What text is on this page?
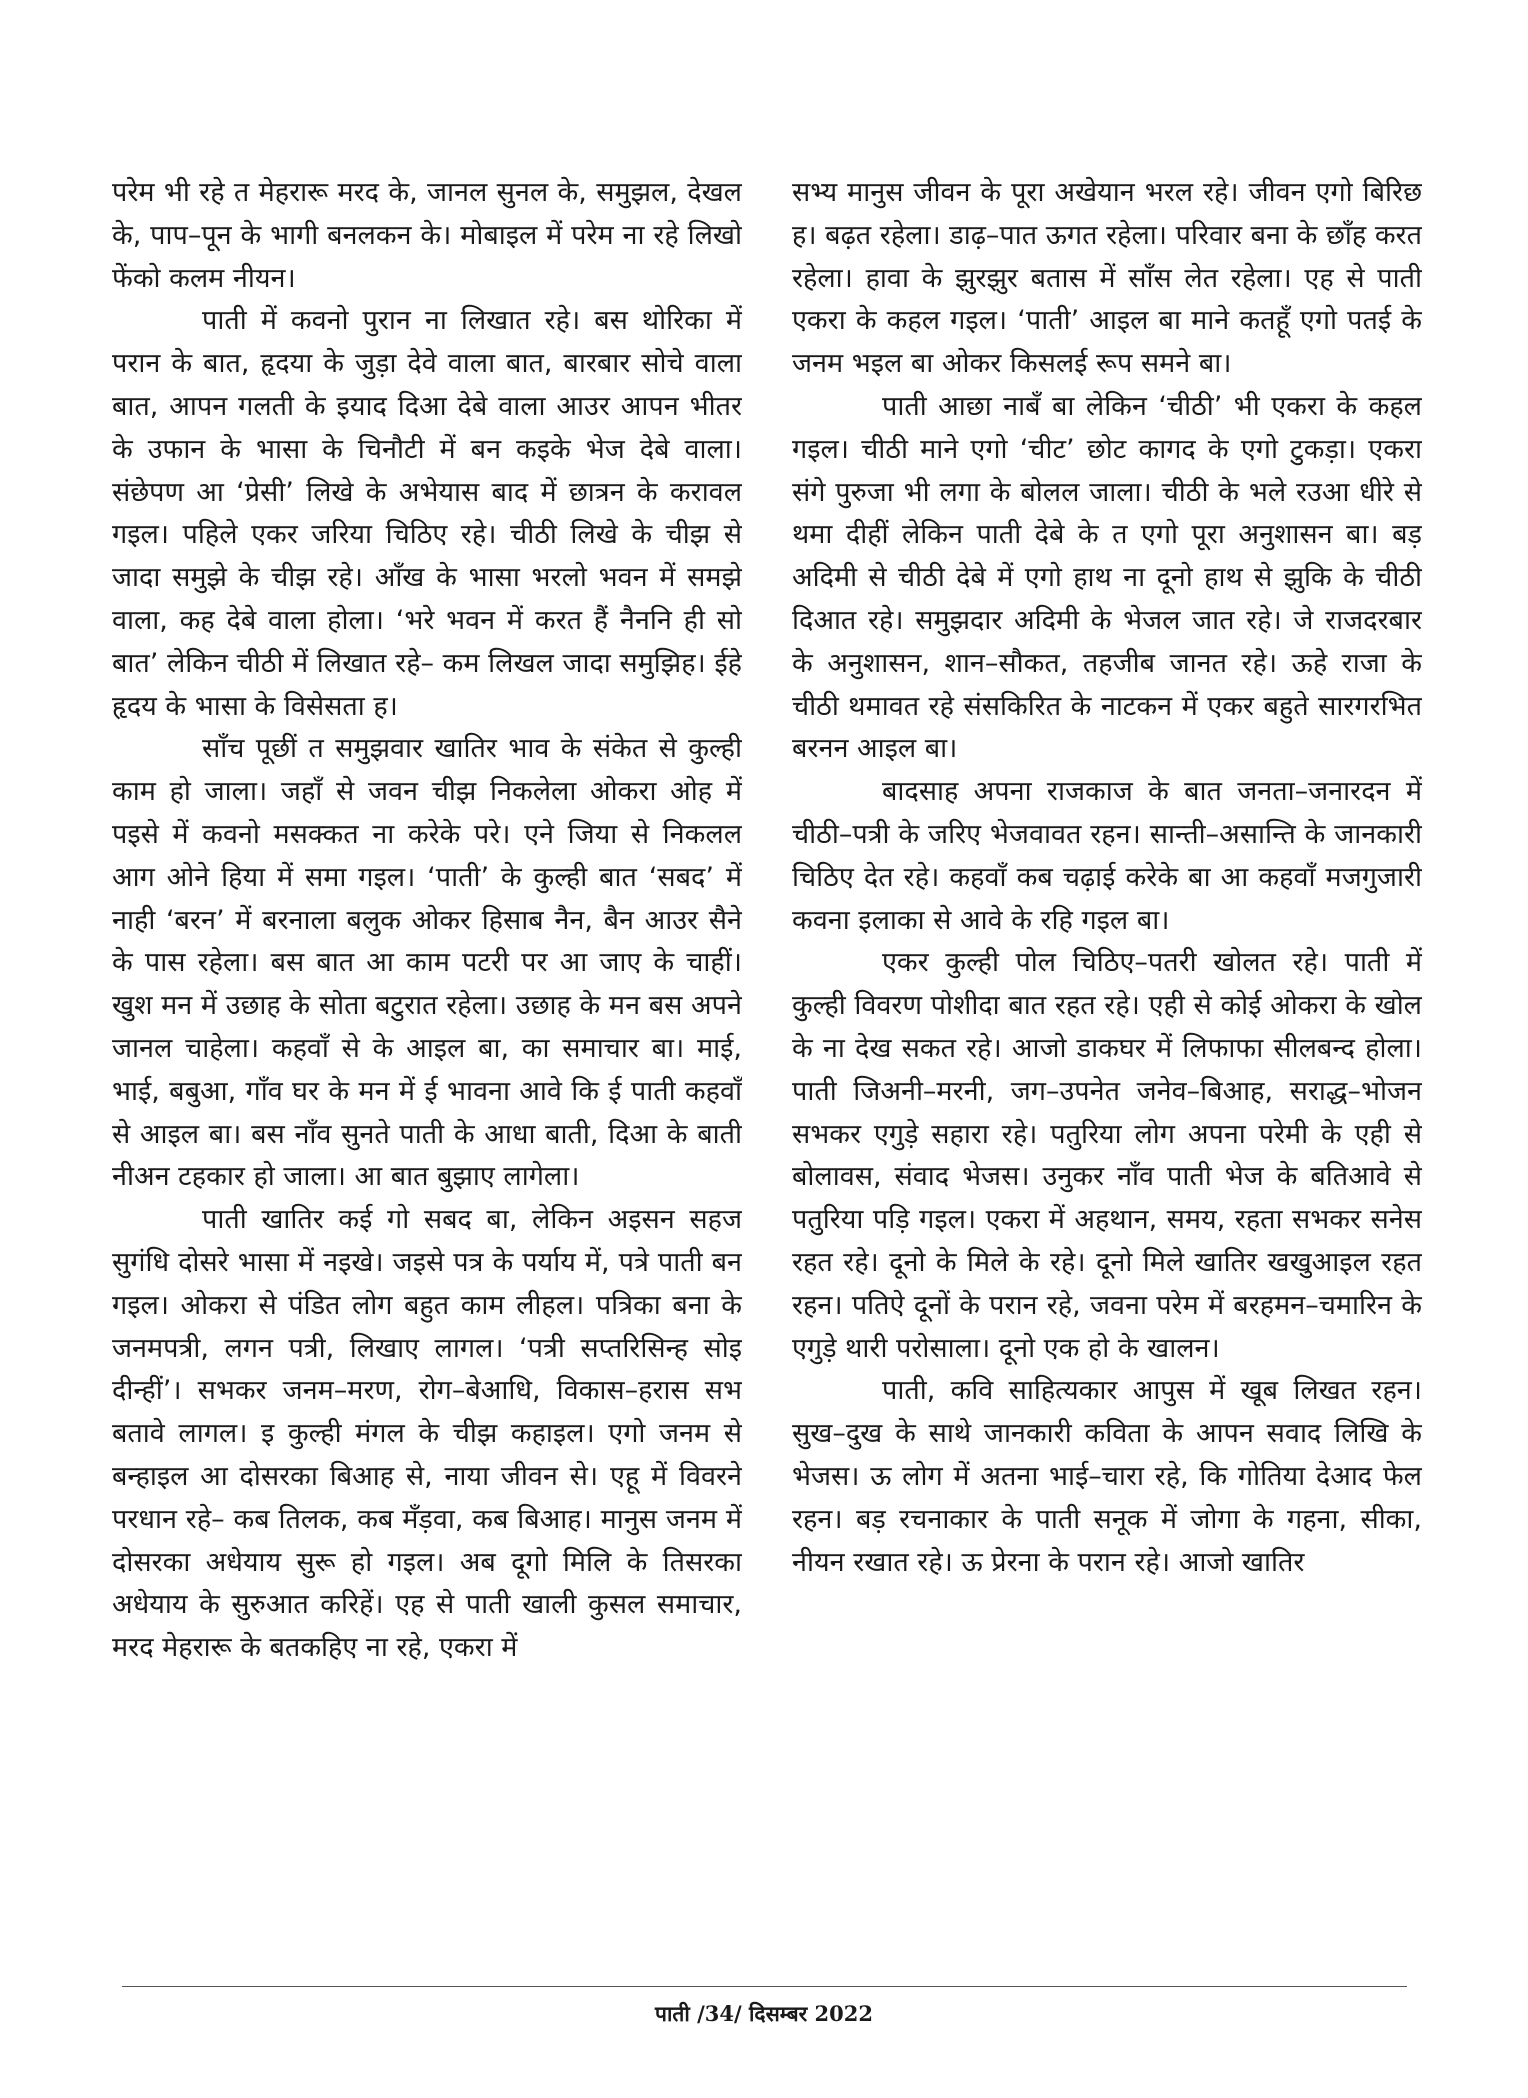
परेम भी रहे त मेहरारू मरद के, जानल सुनल के, समुझल, देखल के, पाप–पून के भागी बनलकन के। मोबाइल में परेम ना रहे लिखो फेंको कलम नीयन।

पाती में कवनो पुरान ना लिखात रहे। बस थोरिका में परान के बात, हृदया के जुड़ा देवे वाला बात, बारबार सोचे वाला बात, आपन गलती के इयाद दिआ देबे वाला आउर आपन भीतर के उफान के भासा के चिनौटी में बन कइके भेज देबे वाला। संछेपण आ ‘प्रेसी’ लिखे के अभेयास बाद में छात्रन के करावल गइल। पहिले एकर जरिया चिठिए रहे। चीठी लिखे के चीझ से जादा समुझे के चीझ रहे। आँख के भासा भरलो भवन में समझे वाला, कह देबे वाला होला। ‘भरे भवन में करत हैं नैननि ही सो बात’ लेकिन चीठी में लिखात रहे– कम लिखल जादा समुझिह। ईहे हृदय के भासा के विसेसता ह।

साँच पूछीं त समुझवार खातिर भाव के संकेत से कुल्ही काम हो जाला। जहाँ से जवन चीझ निकलेला ओकरा ओह में पइसे में कवनो मसक्कत ना करेके परे। एने जिया से निकलल आग ओने हिया में समा गइल। ‘पाती’ के कुल्ही बात ‘सबद’ में नाही ‘बरन’ में बरनाला बलुक ओकर हिसाब नैन, बैन आउर सैने के पास रहेला। बस बात आ काम पटरी पर आ जाए के चाहीं। खुश मन में उछाह के सोता बटुरात रहेला। उछाह के मन बस अपने जानल चाहेला। कहवाँ से के आइल बा, का समाचार बा। माई, भाई, बबुआ, गाँव घर के मन में ई भावना आवे कि ई पाती कहवाँ से आइल बा। बस नाँव सुनते पाती के आधा बाती, दिआ के बाती नीअन टहकार हो जाला। आ बात बुझाए लागेला।

पाती खातिर कई गो सबद बा, लेकिन अइसन सहज सुगंधि दोसरे भासा में नइखे। जइसे पत्र के पर्याय में, पत्रे पाती बन गइल। ओकरा से पंडित लोग बहुत काम लीहल। पत्रिका बना के जनमपत्री, लगन पत्री, लिखाए लागल। ‘पत्री सप्तरिसिन्ह सोइ दीन्हीं’। सभकर जनम–मरण, रोग–बेआधि, विकास–हरास सभ बतावे लागल। इ कुल्ही मंगल के चीझ कहाइल। एगो जनम से बन्हाइल आ दोसरका बिआह से, नाया जीवन से। एहू में विवरने परधान रहे– कब तिलक, कब मँड़वा, कब बिआह। मानुस जनम में दोसरका अधेयाय सुरू हो गइल। अब दूगो मिलि के तिसरका अधेयाय के सुरुआत करिहें। एह से पाती खाली कुसल समाचार, मरद मेहरारू के बतकहिए ना रहे, एकरा में

सभ्य मानुस जीवन के पूरा अखेयान भरल रहे। जीवन एगो बिरिछ ह। बढ़त रहेला। डाढ़–पात ऊगत रहेला। परिवार बना के छाँह करत रहेला। हावा के झुरझुर बतास में साँस लेत रहेला। एह से पाती एकरा के कहल गइल। ‘पाती’ आइल बा माने कतहूँ एगो पतई के जनम भइल बा ओकर किसलई रूप समने बा।

पाती आछा नाबँ बा लेकिन ‘चीठी’ भी एकरा के कहल गइल। चीठी माने एगो ‘चीट’ छोट कागद के एगो टुकड़ा। एकरा संगे पुरुजा भी लगा के बोलल जाला। चीठी के भले रउआ धीरे से थमा दीहीं लेकिन पाती देबे के त एगो पूरा अनुशासन बा। बड़ अदिमी से चीठी देबे में एगो हाथ ना दूनो हाथ से झुकि के चीठी दिआत रहे। समुझदार अदिमी के भेजल जात रहे। जे राजदरबार के अनुशासन, शान–सौकत, तहजीब जानत रहे। ऊहे राजा के चीठी थमावत रहे संसकिरित के नाटकन में एकर बहुते सारगरभित बरनन आइल बा।

बादसाह अपना राजकाज के बात जनता–जनारदन में चीठी–पत्री के जरिए भेजवावत रहन। सान्ती–असान्ति के जानकारी चिठिए देत रहे। कहवाँ कब चढ़ाई करेके बा आ कहवाँ मजगुजारी कवना इलाका से आवे के रहि गइल बा।

एकर कुल्ही पोल चिठिए–पतरी खोलत रहे। पाती में कुल्ही विवरण पोशीदा बात रहत रहे। एही से कोई ओकरा के खोल के ना देख सकत रहे। आजो डाकघर में लिफाफा सीलबन्द होला। पाती जिअनी–मरनी, जग–उपनेत जनेव–बिआह, सराद्ध–भोजन सभकर एगुड़े सहारा रहे। पतुरिया लोग अपना परेमी के एही से बोलावस, संवाद भेजस। उनुकर नाँव पाती भेज के बतिआवे से पतुरिया पड़ि गइल। एकरा में अहथान, समय, रहता सभकर सनेस रहत रहे। दूनो के मिले के रहे। दूनो मिले खातिर खखुआइल रहत रहन। पतिऐ दूनों के परान रहे, जवना परेम में बरहमन–चमारिन के एगुड़े थारी परोसाला। दूनो एक हो के खालन।

पाती, कवि साहित्यकार आपुस में खूब लिखत रहन। सुख–दुख के साथे जानकारी कविता के आपन सवाद लिखि के भेजस। ऊ लोग में अतना भाई–चारा रहे, कि गोतिया देआद फेल रहन। बड़ रचनाकार के पाती सनूक में जोगा के गहना, सीका, नीयन रखात रहे। ऊ प्रेरना के परान रहे। आजो खातिर

पाती /34/ दिसम्बर 2022
